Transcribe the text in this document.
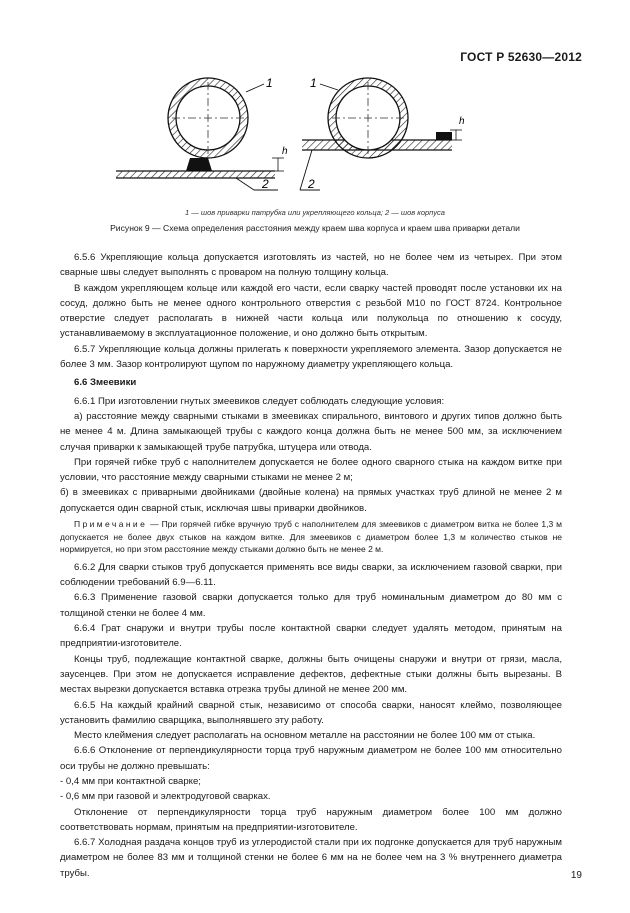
ГОСТ Р 52630—2012
1
h
2
1
h
2
1 — шов приварки патрубка или укрепляющего кольца; 2 — шов корпуса
Рисунок 9 — Схема определения расстояния между краем шва корпуса и краем шва приварки детали

6.5.6 Укрепляющие кольца допускается изготовлять из частей, но не более чем из четырех. При этом сварные швы следует выполнять с проваром на полную толщину кольца.

В каждом укрепляющем кольце или каждой его части, если сварку частей проводят после установки их на сосуд, должно быть не менее одного контрольного отверстия с резьбой М10 по ГОСТ 8724. Контрольное отверстие следует располагать в нижней части кольца или полукольца по отношению к сосуду, устанавливаемому в эксплуатационное положение, и оно должно быть открытым.

6.5.7 Укрепляющие кольца должны прилегать к поверхности укрепляемого элемента. Зазор допускается не более 3 мм. Зазор контролируют щупом по наружному диаметру укрепляющего кольца.

6.6 Змеевики

6.6.1 При изготовлении гнутых змеевиков следует соблюдать следующие условия:

а) расстояние между сварными стыками в змеевиках спирального, винтового и других типов должно быть не менее 4 м. Длина замыкающей трубы с каждого конца должна быть не менее 500 мм, за исключением случая приварки к замыкающей трубе патрубка, штуцера или отвода.

При горячей гибке труб с наполнителем допускается не более одного сварного стыка на каждом витке при условии, что расстояние между сварными стыками не менее 2 м;

б) в змеевиках с приварными двойниками (двойные колена) на прямых участках труб длиной не менее 2 м допускается один сварной стык, исключая швы приварки двойников.

Примечание — При горячей гибке вручную труб с наполнителем для змеевиков с диаметром витка не более 1,3 м допускается не более двух стыков на каждом витке. Для змеевиков с диаметром более 1,3 м количество стыков не нормируется, но при этом расстояние между стыками должно быть не менее 2 м.

6.6.2 Для сварки стыков труб допускается применять все виды сварки, за исключением газовой сварки, при соблюдении требований 6.9—6.11.

6.6.3 Применение газовой сварки допускается только для труб номинальным диаметром до 80 мм с толщиной стенки не более 4 мм.

6.6.4 Грат снаружи и внутри трубы после контактной сварки следует удалять методом, принятым на предприятии-изготовителе.

Концы труб, подлежащие контактной сварке, должны быть очищены снаружи и внутри от грязи, масла, заусенцев. При этом не допускается исправление дефектов, дефектные стыки должны быть вырезаны. В местах вырезки допускается вставка отрезка трубы длиной не менее 200 мм.

6.6.5 На каждый крайний сварной стык, независимо от способа сварки, наносят клеймо, позволяющее установить фамилию сварщика, выполнявшего эту работу.

Место клеймения следует располагать на основном металле на расстоянии не более 100 мм от стыка.

6.6.6 Отклонение от перпендикулярности торца труб наружным диаметром не более 100 мм относительно оси трубы не должно превышать:

- 0,4 мм при контактной сварке;

- 0,6 мм при газовой и электродуговой сварках.

Отклонение от перпендикулярности торца труб наружным диаметром более 100 мм должно соответствовать нормам, принятым на предприятии-изготовителе.

6.6.7 Холодная раздача концов труб из углеродистой стали при их подгонке допускается для труб наружным диаметром не более 83 мм и толщиной стенки не более 6 мм на не более чем на 3 % внутреннего диаметра трубы.	19
